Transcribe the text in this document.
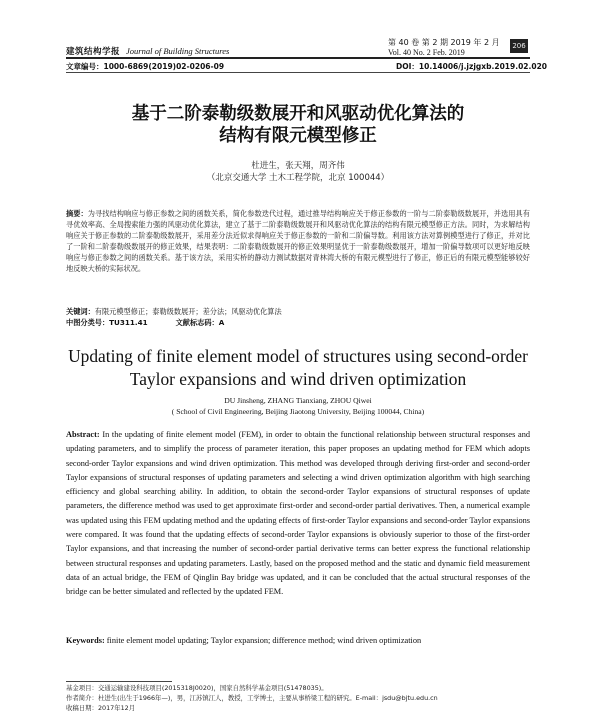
建筑结构学报 Journal of Building Structures
第 40 卷 第 2 期 2019 年 2 月
Vol. 40 No. 2 Feb. 2019
206
文章编号：1000-6869(2019)02-0206-09	DOI：10.14006/j.jzjgxb.2019.02.020
基于二阶泰勒级数展开和风驱动优化算法的
结构有限元模型修正
杜进生，张天翔，周齐伟
（北京交通大学 土木工程学院，北京 100044）
摘要：为寻找结构响应与修正参数之间的函数关系，简化参数迭代过程，通过推导结构响应关于修正参数的一阶与二阶泰勒级数展开，并选用具有寻优效率高、全局搜索能力强的风驱动优化算法，建立了基于二阶泰勒级数展开和风驱动优化算法的结构有限元模型修正方法。同时，为求解结构响应关于修正参数的二阶泰勒级数展开，采用差分法近似求得响应关于修正参数的一阶和二阶偏导数。利用该方法对算例模型进行了修正，并对比了一阶和二阶泰勒级数展开的修正效果，结果表明：二阶泰勒级数展开的修正效果明显优于一阶泰勒级数展开，增加一阶偏导数项可以更好地反映响应与修正参数之间的函数关系。基于该方法，采用实桥的静动力测试数据对青林湾大桥的有限元模型进行了修正，修正后的有限元模型能够较好地反映大桥的实际状况。
关键词：有限元模型修正；泰勒级数展开；差分法；风驱动优化算法
中图分类号：TU311.41	文献标志码：A
Updating of finite element model of structures using second-order
Taylor expansions and wind driven optimization
DU Jinsheng, ZHANG Tianxiang, ZHOU Qiwei
( School of Civil Engineering, Beijing Jiaotong University, Beijing 100044, China)
Abstract: In the updating of finite element model (FEM), in order to obtain the functional relationship between structural responses and updating parameters, and to simplify the process of parameter iteration, this paper proposes an updating method for FEM which adopts second-order Taylor expansions and wind driven optimization. This method was developed through deriving first-order and second-order Taylor expansions of structural responses of updating parameters and selecting a wind driven optimization algorithm with high searching efficiency and global searching ability. In addition, to obtain the second-order Taylor expansions of structural responses of update parameters, the difference method was used to get approximate first-order and second-order partial derivatives. Then, a numerical example was updated using this FEM updating method and the updating effects of first-order Taylor expansions and second-order Taylor expansions were compared. It was found that the updating effects of second-order Taylor expansions is obviously superior to those of the first-order Taylor expansions, and that increasing the number of second-order partial derivative terms can better express the functional relationship between structural responses and updating parameters. Lastly, based on the proposed method and the static and dynamic field measurement data of an actual bridge, the FEM of Qinglin Bay bridge was updated, and it can be concluded that the actual structural responses of the bridge can be better simulated and reflected by the updated FEM.
Keywords: finite element model updating; Taylor expansion; difference method; wind driven optimization
基金项目：交通运输建设科技项目(2015318J0020)，国家自然科学基金项目(51478035)。
作者简介：杜进生(出生于1966年—)，男，江苏镇江人，教授，工学博士，主要从事桥梁工程的研究。E-mail：jsdu@bjtu.edu.cn
收稿日期：2017年12月
